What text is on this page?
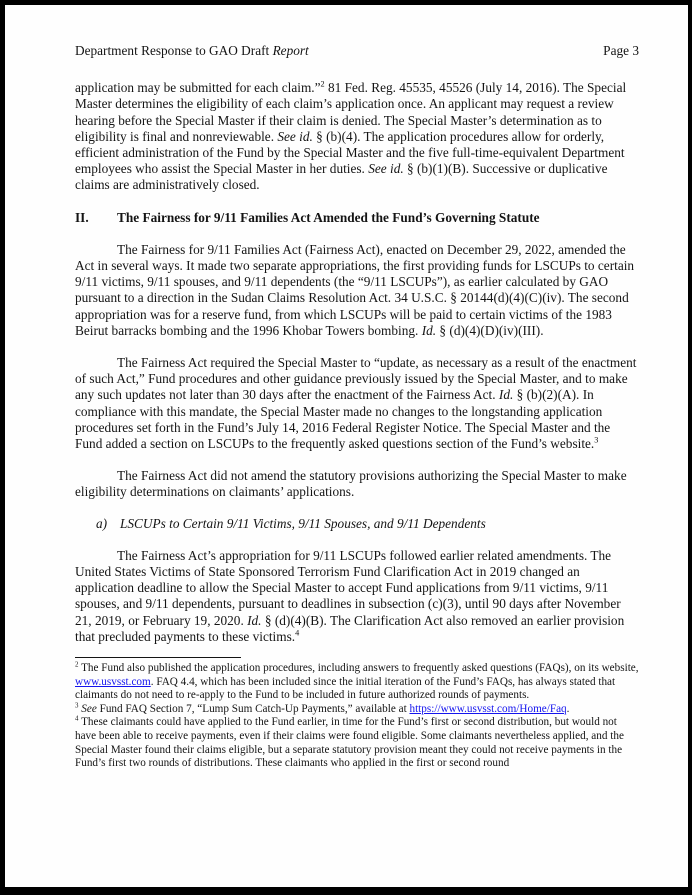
Department Response to GAO Draft Report	Page 3

application may be submitted for each claim.”$^2$ 81 Fed. Reg. 45535, 45526 (July 14, 2016). The Special Master determines the eligibility of each claim’s application once. An applicant may request a review hearing before the Special Master if their claim is denied. The Special Master’s determination as to eligibility is final and nonreviewable. See id. § (b)(4). The application procedures allow for orderly, efficient administration of the Fund by the Special Master and the five full-time-equivalent Department employees who assist the Special Master in her duties. See id. § (b)(1)(B). Successive or duplicative claims are administratively closed.

II.	The Fairness for 9/11 Families Act Amended the Fund’s Governing Statute

The Fairness for 9/11 Families Act (Fairness Act), enacted on December 29, 2022, amended the Act in several ways. It made two separate appropriations, the first providing funds for LSCUPs to certain 9/11 victims, 9/11 spouses, and 9/11 dependents (the “9/11 LSCUPs”), as earlier calculated by GAO pursuant to a direction in the Sudan Claims Resolution Act. 34 U.S.C. § 20144(d)(4)(C)(iv). The second appropriation was for a reserve fund, from which LSCUPs will be paid to certain victims of the 1983 Beirut barracks bombing and the 1996 Khobar Towers bombing. Id. § (d)(4)(D)(iv)(III).

The Fairness Act required the Special Master to “update, as necessary as a result of the enactment of such Act,” Fund procedures and other guidance previously issued by the Special Master, and to make any such updates not later than 30 days after the enactment of the Fairness Act. Id. § (b)(2)(A). In compliance with this mandate, the Special Master made no changes to the longstanding application procedures set forth in the Fund’s July 14, 2016 Federal Register Notice. The Special Master and the Fund added a section on LSCUPs to the frequently asked questions section of the Fund’s website.$^3$

The Fairness Act did not amend the statutory provisions authorizing the Special Master to make eligibility determinations on claimants’ applications.

a) LSCUPs to Certain 9/11 Victims, 9/11 Spouses, and 9/11 Dependents

The Fairness Act’s appropriation for 9/11 LSCUPs followed earlier related amendments. The United States Victims of State Sponsored Terrorism Fund Clarification Act in 2019 changed an application deadline to allow the Special Master to accept Fund applications from 9/11 victims, 9/11 spouses, and 9/11 dependents, pursuant to deadlines in subsection (c)(3), until 90 days after November 21, 2019, or February 19, 2020. Id. § (d)(4)(B). The Clarification Act also removed an earlier provision that precluded payments to these victims.$^4$

$^2$ The Fund also published the application procedures, including answers to frequently asked questions (FAQs), on its website, www.usvsst.com. FAQ 4.4, which has been included since the initial iteration of the Fund’s FAQs, has always stated that claimants do not need to re-apply to the Fund to be included in future authorized rounds of payments.

$^3$ See Fund FAQ Section 7, “Lump Sum Catch-Up Payments,” available at https://www.usvsst.com/Home/Faq.

$^4$ These claimants could have applied to the Fund earlier, in time for the Fund’s first or second distribution, but would not have been able to receive payments, even if their claims were found eligible. Some claimants nevertheless applied, and the Special Master found their claims eligible, but a separate statutory provision meant they could not receive payments in the Fund’s first two rounds of distributions. These claimants who applied in the first or second round
